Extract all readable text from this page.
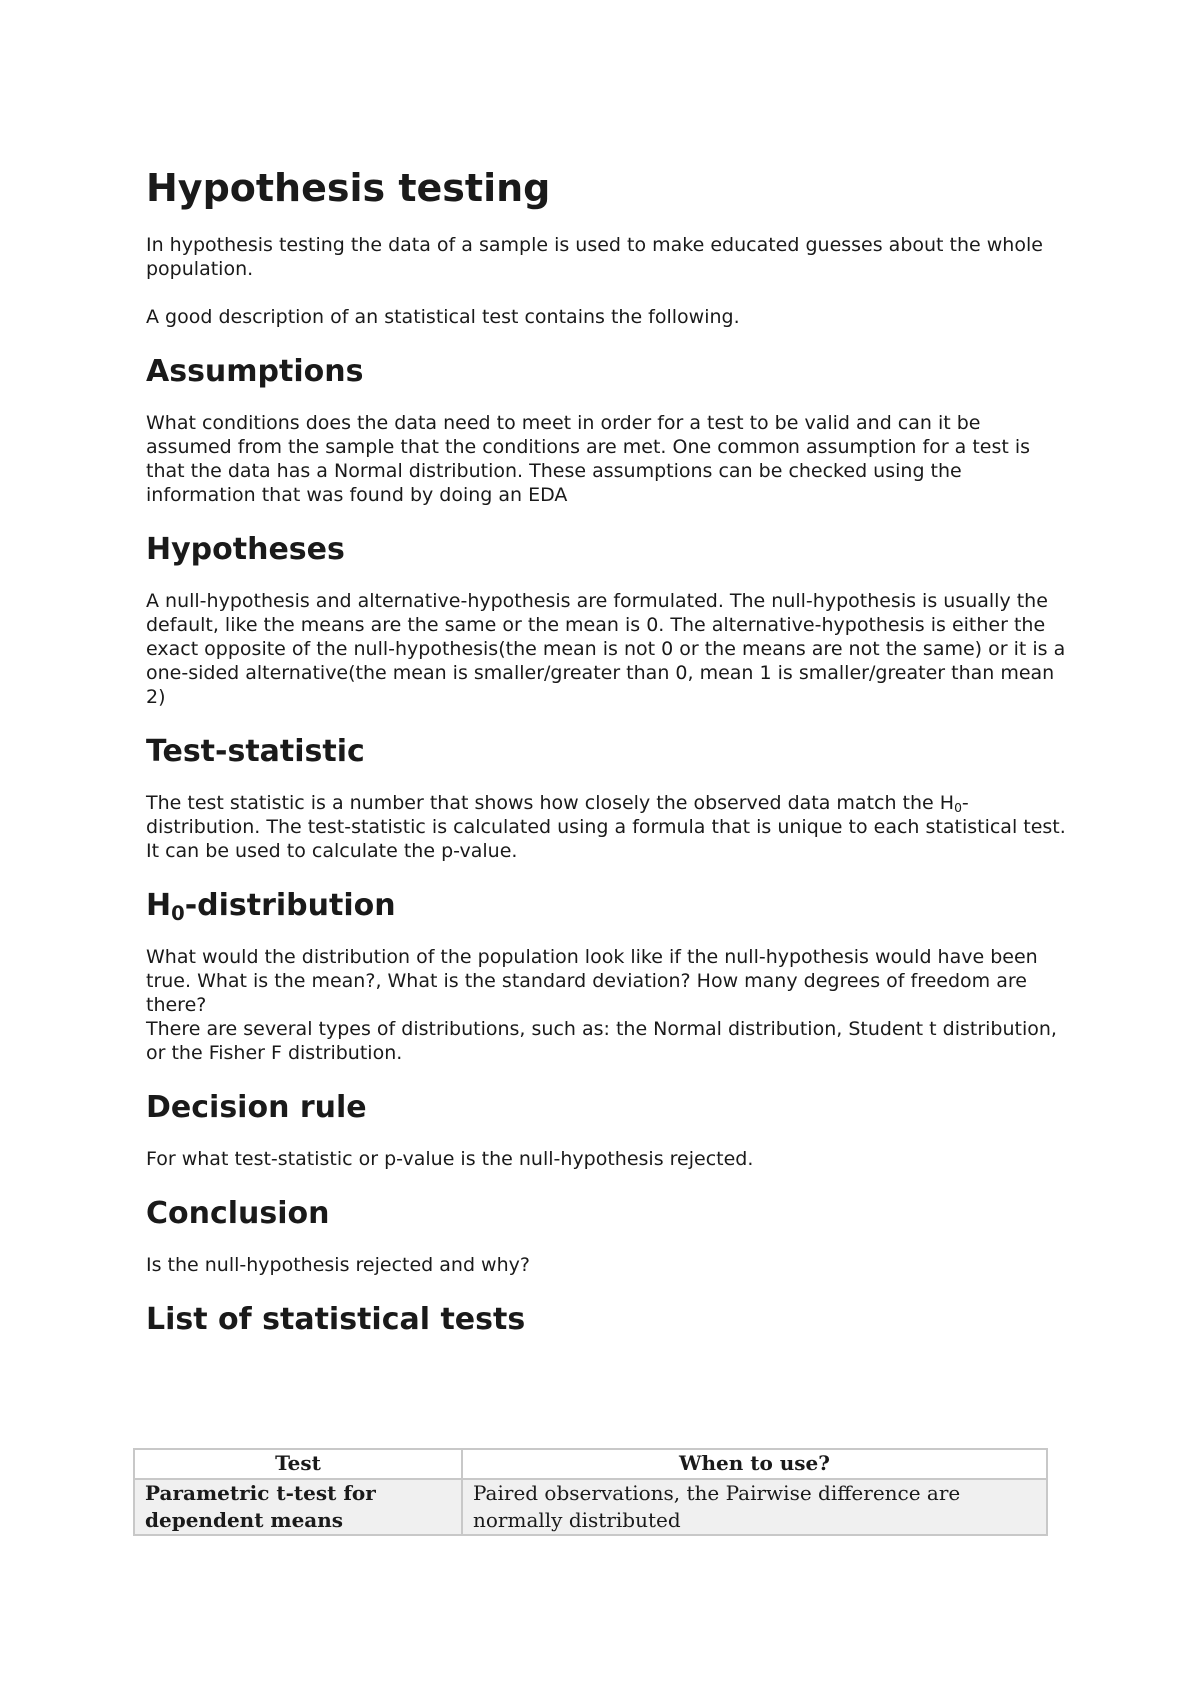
Hypothesis testing

In hypothesis testing the data of a sample is used to make educated guesses about the whole population.

A good description of an statistical test contains the following.

Assumptions

What conditions does the data need to meet in order for a test to be valid and can it be assumed from the sample that the conditions are met. One common assumption for a test is that the data has a Normal distribution. These assumptions can be checked using the information that was found by doing an EDA

Hypotheses

A null-hypothesis and alternative-hypothesis are formulated. The null-hypothesis is usually the default, like the means are the same or the mean is 0. The alternative-hypothesis is either the exact opposite of the null-hypothesis(the mean is not 0 or the means are not the same) or it is a one-sided alternative(the mean is smaller/greater than 0, mean 1 is smaller/greater than mean 2)

Test-statistic

The test statistic is a number that shows how closely the observed data match the $H_0$-distribution. The test-statistic is calculated using a formula that is unique to each statistical test. It can be used to calculate the p-value.

$H_0$-distribution

What would the distribution of the population look like if the null-hypothesis would have been true. What is the mean?, What is the standard deviation? How many degrees of freedom are there?

There are several types of distributions, such as: the Normal distribution, Student t distribution, or the Fisher F distribution.

Decision rule

For what test-statistic or p-value is the null-hypothesis rejected.

Conclusion

Is the null-hypothesis rejected and why?

List of statistical tests
Test	When to use?
Parametric t-test for dependent means	Paired observations, the Pairwise difference are normally distributed
